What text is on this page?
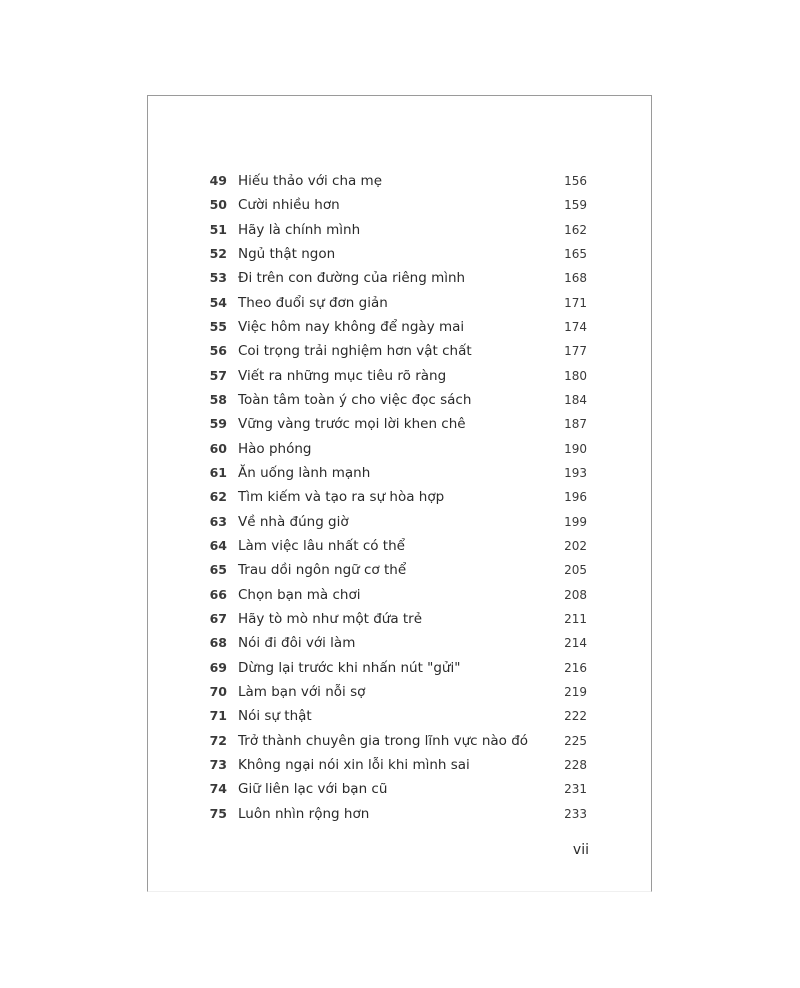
49 Hiếu thảo với cha mẹ	156
50 Cười nhiều hơn	159
51 Hãy là chính mình	162
52 Ngủ thật ngon	165
53 Đi trên con đường của riêng mình	168
54 Theo đuổi sự đơn giản	171
55 Việc hôm nay không để ngày mai	174
56 Coi trọng trải nghiệm hơn vật chất	177
57 Viết ra những mục tiêu rõ ràng	180
58 Toàn tâm toàn ý cho việc đọc sách	184
59 Vững vàng trước mọi lời khen chê	187
60 Hào phóng	190
61 Ăn uống lành mạnh	193
62 Tìm kiếm và tạo ra sự hòa hợp	196
63 Về nhà đúng giờ	199
64 Làm việc lâu nhất có thể	202
65 Trau dồi ngôn ngữ cơ thể	205
66 Chọn bạn mà chơi	208
67 Hãy tò mò như một đứa trẻ	211
68 Nói đi đôi với làm	214
69 Dừng lại trước khi nhấn nút "gửi"	216
70 Làm bạn với nỗi sợ	219
71 Nói sự thật	222
72 Trở thành chuyên gia trong lĩnh vực nào đó	225
73 Không ngại nói xin lỗi khi mình sai	228
74 Giữ liên lạc với bạn cũ	231
75 Luôn nhìn rộng hơn	233
vii
